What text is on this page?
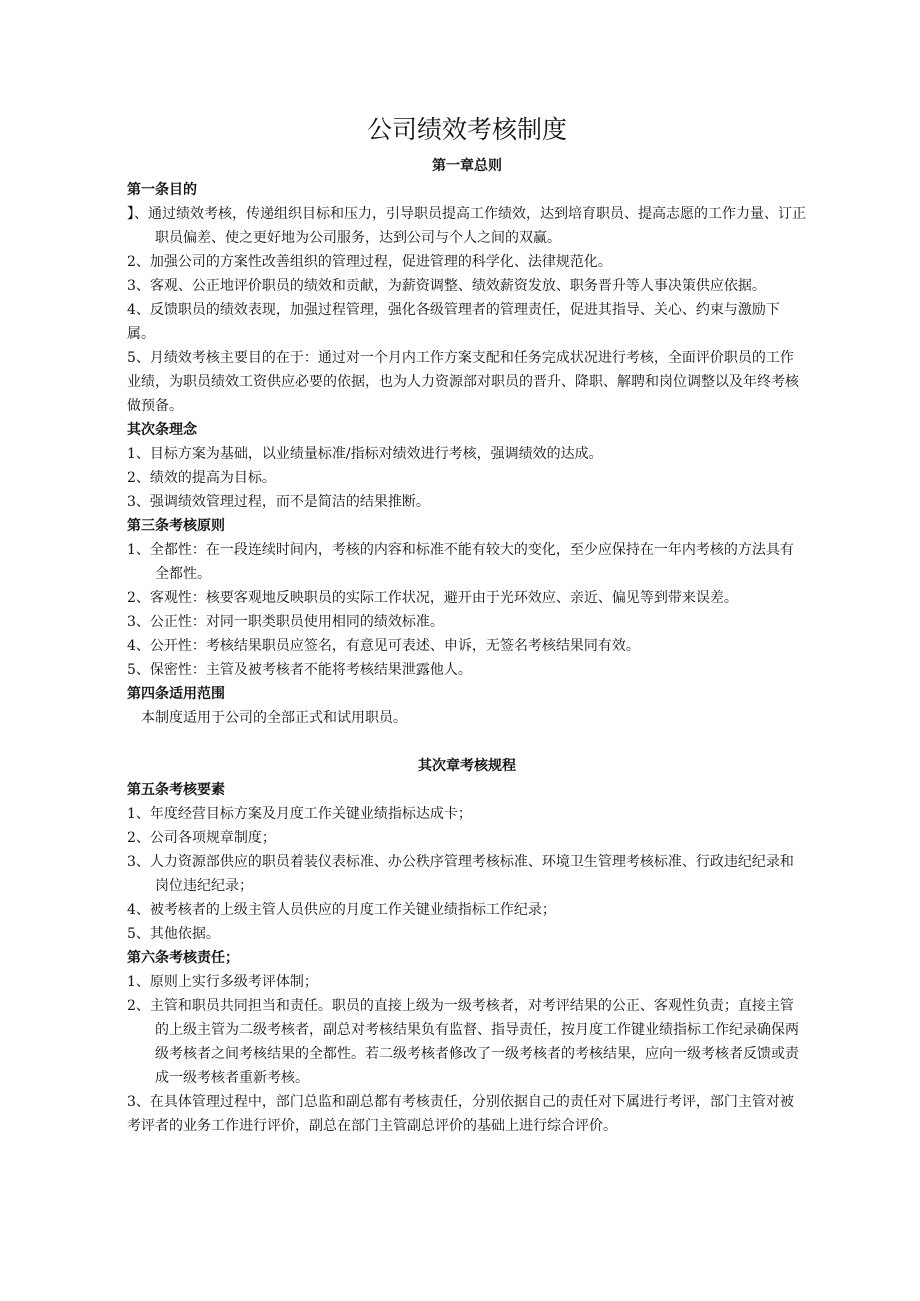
公司绩效考核制度
第一章总则
第一条目的
】、通过绩效考核，传递组织目标和压力，引导职员提高工作绩效，达到培育职员、提高志愿的工作力量、订正职员偏差、使之更好地为公司服务，达到公司与个人之间的双赢。
2、加强公司的方案性改善组织的管理过程，促进管理的科学化、法律规范化。
3、客观、公正地评价职员的绩效和贡献，为薪资调整、绩效薪资发放、职务晋升等人事决策供应依据。
4、反馈职员的绩效表现，加强过程管理，强化各级管理者的管理责任，促进其指导、关心、约束与激励下属。
5、月绩效考核主要目的在于：通过对一个月内工作方案支配和任务完成状况进行考核，全面评价职员的工作业绩，为职员绩效工资供应必要的依据，也为人力资源部对职员的晋升、降职、解聘和岗位调整以及年终考核做预备。
其次条理念
1、目标方案为基础，以业绩量标准/指标对绩效进行考核，强调绩效的达成。
2、绩效的提高为目标。
3、强调绩效管理过程，而不是简洁的结果推断。
第三条考核原则
1、全都性：在一段连续时间内，考核的内容和标准不能有较大的变化，至少应保持在一年内考核的方法具有全都性。
2、客观性：核要客观地反映职员的实际工作状况，避开由于光环效应、亲近、偏见等到带来误差。
3、公正性：对同一职类职员使用相同的绩效标准。
4、公开性：考核结果职员应签名，有意见可表述、申诉，无签名考核结果同有效。
5、保密性：主管及被考核者不能将考核结果泄露他人。
第四条适用范围
本制度适用于公司的全部正式和试用职员。
其次章考核规程
第五条考核要素
1、年度经营目标方案及月度工作关键业绩指标达成卡；
2、公司各项规章制度；
3、人力资源部供应的职员着装仪表标准、办公秩序管理考核标准、环境卫生管理考核标准、行政违纪纪录和岗位违纪纪录；
4、被考核者的上级主管人员供应的月度工作关键业绩指标工作纪录；
5、其他依据。
第六条考核责任；
1、原则上实行多级考评体制；
2、主管和职员共同担当和责任。职员的直接上级为一级考核者，对考评结果的公正、客观性负责；直接主管的上级主管为二级考核者，副总对考核结果负有监督、指导责任，按月度工作键业绩指标工作纪录确保两级考核者之间考核结果的全都性。若二级考核者修改了一级考核者的考核结果，应向一级考核者反馈或责成一级考核者重新考核。
3、在具体管理过程中，部门总监和副总都有考核责任，分别依据自己的责任对下属进行考评，部门主管对被考评者的业务工作进行评价，副总在部门主管副总评价的基础上进行综合评价。
